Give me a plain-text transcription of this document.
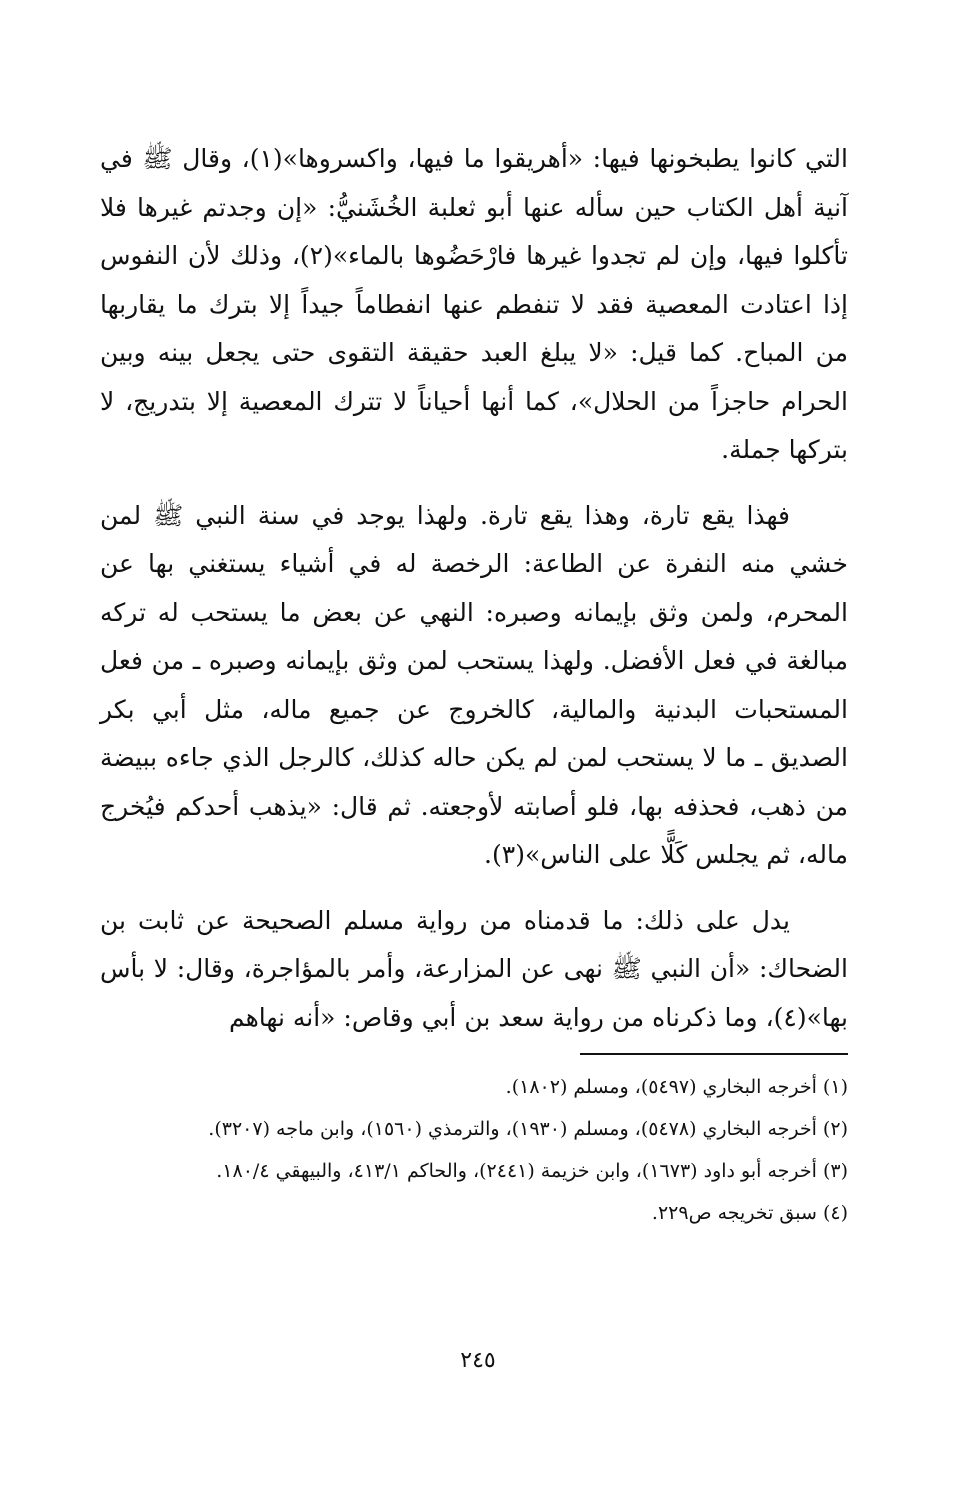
التي كانوا يطبخونها فيها: «أهريقوا ما فيها، واكسروها»(١)، وقال ﷺ في آنية أهل الكتاب حين سأله عنها أبو ثعلبة الخُشَنيُّ: «إن وجدتم غيرها فلا تأكلوا فيها، وإن لم تجدوا غيرها فارْحَضُوها بالماء»(٢)، وذلك لأن النفوس إذا اعتادت المعصية فقد لا تنفطم عنها انفطاماً جيداً إلا بترك ما يقاربها من المباح. كما قيل: «لا يبلغ العبد حقيقة التقوى حتى يجعل بينه وبين الحرام حاجزاً من الحلال»، كما أنها أحياناً لا تترك المعصية إلا بتدريج، لا بتركها جملة.

فهذا يقع تارة، وهذا يقع تارة. ولهذا يوجد في سنة النبي ﷺ لمن خشي منه النفرة عن الطاعة: الرخصة له في أشياء يستغني بها عن المحرم، ولمن وثق بإيمانه وصبره: النهي عن بعض ما يستحب له تركه مبالغة في فعل الأفضل. ولهذا يستحب لمن وثق بإيمانه وصبره ـ من فعل المستحبات البدنية والمالية، كالخروج عن جميع ماله، مثل أبي بكر الصديق ـ ما لا يستحب لمن لم يكن حاله كذلك، كالرجل الذي جاءه ببيضة من ذهب، فحذفه بها، فلو أصابته لأوجعته. ثم قال: «يذهب أحدكم فيُخرج ماله، ثم يجلس كَلًّا على الناس»(٣).

يدل على ذلك: ما قدمناه من رواية مسلم الصحيحة عن ثابت بن الضحاك: «أن النبي ﷺ نهى عن المزارعة، وأمر بالمؤاجرة، وقال: لا بأس بها»(٤)، وما ذكرناه من رواية سعد بن أبي وقاص: «أنه نهاهم

(١) أخرجه البخاري (٥٤٩٧)، ومسلم (١٨٠٢).

(٢) أخرجه البخاري (٥٤٧٨)، ومسلم (١٩٣٠)، والترمذي (١٥٦٠)، وابن ماجه (٣٢٠٧).

(٣) أخرجه أبو داود (١٦٧٣)، وابن خزيمة (٢٤٤١)، والحاكم ٤١٣/١، والبيهقي ١٨٠/٤.

(٤) سبق تخريجه ص٢٢٩.

٢٤٥
